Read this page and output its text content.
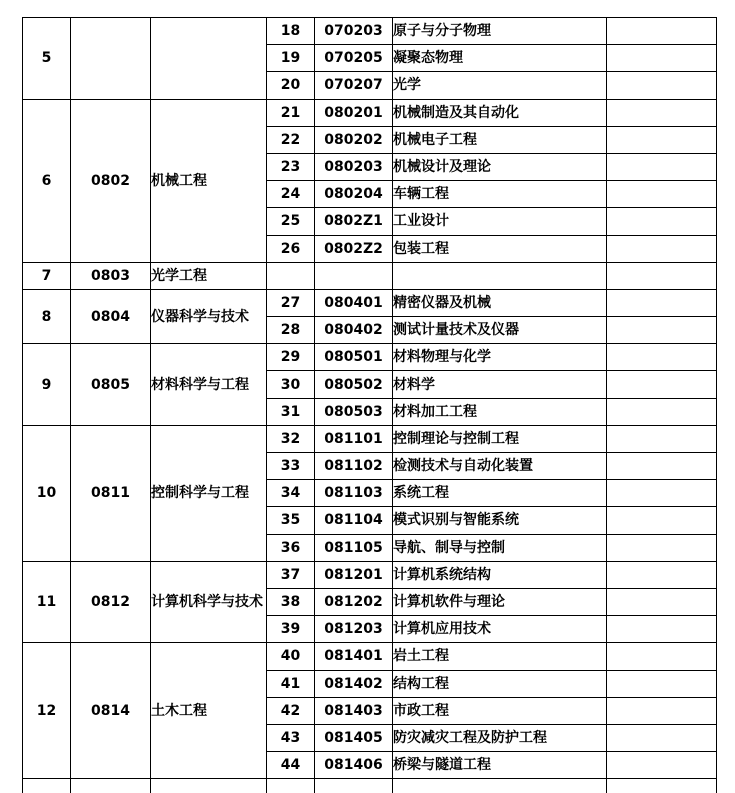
5			18	070203	原子与分子物理	
			19	070205	凝聚态物理	
			20	070207	光学	
6	0802	机械工程	21	080201	机械制造及其自动化	
			22	080202	机械电子工程	
			23	080203	机械设计及理论	
			24	080204	车辆工程	
			25	0802Z1	工业设计	
			26	0802Z2	包装工程	
7	0803	光学工程				
8	0804	仪器科学与技术	27	080401	精密仪器及机械	
			28	080402	测试计量技术及仪器	
9	0805	材料科学与工程	29	080501	材料物理与化学	
			30	080502	材料学	
			31	080503	材料加工工程	
10	0811	控制科学与工程	32	081101	控制理论与控制工程	
			33	081102	检测技术与自动化装置	
			34	081103	系统工程	
			35	081104	模式识别与智能系统	
			36	081105	导航、制导与控制	
11	0812	计算机科学与技术	37	081201	计算机系统结构	
			38	081202	计算机软件与理论	
			39	081203	计算机应用技术	
12	0814	土木工程	40	081401	岩土工程	
			41	081402	结构工程	
			42	081403	市政工程	
			43	081405	防灾减灾工程及防护工程	
			44	081406	桥梁与隧道工程	
